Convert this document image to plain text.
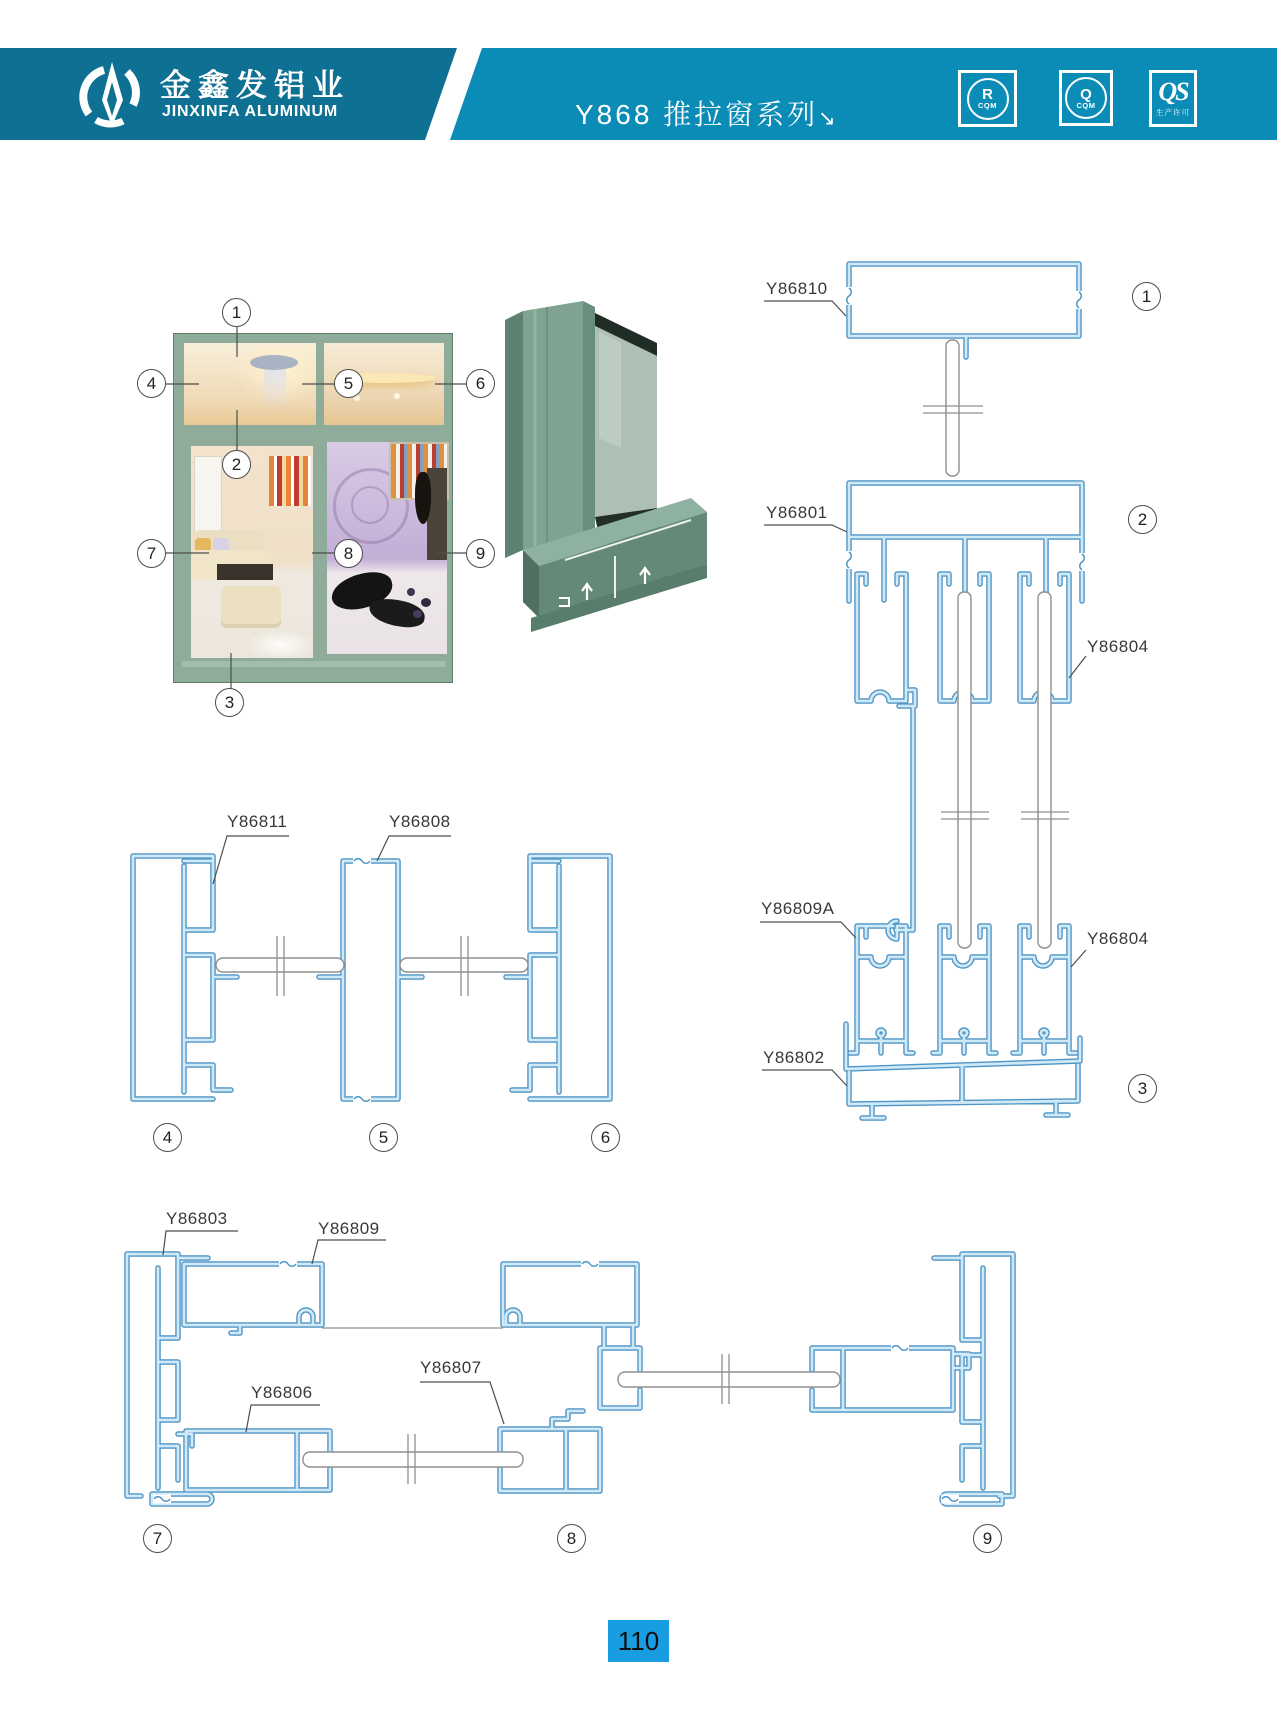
金鑫发铝业
JINXINFA ALUMINUM	Y868 推拉窗系列 ↘
R
CQM
Q
CQM QS
生产许可
Y86810
Y86801
Y86804
Y86809A
Y86804
Y86802
Y86811	Y86808
Y86803
Y86809
Y86806
Y86807
1
4	5	6
2
7	8	9
3
1
2
3
4	5	6
7	8	9
110
